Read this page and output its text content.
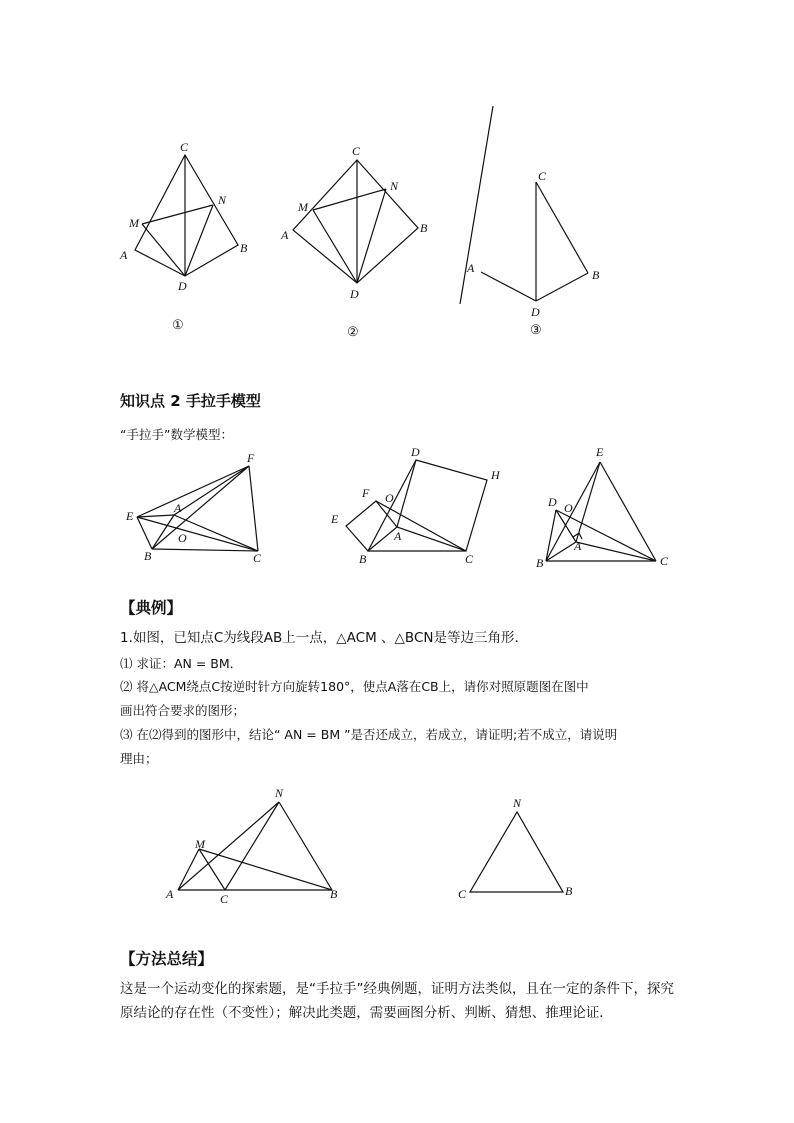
C
M
N
A	B
D
①
C
M
N
A	B
D
②
C
A	B
D
③
知识点 2 手拉手模型
“手拉手”数学模型：
F
E
A
O
B	C
D
H
F O
E
A
B	C
E
D O
A
B	C
【典例】
1.如图，已知点C为线段AB上一点，△ACM 、△BCN是等边三角形．
⑴ 求证：AN = BM．
⑵ 将△ACM绕点C按逆时针方向旋转180°，使点A落在CB上，请你对照原题图在图中
画出符合要求的图形；
⑶ 在⑵得到的图形中，结论“ AN = BM ”是否还成立，若成立，请证明;若不成立，请说明
理由；
N
M
A	C	B
N
C	B
【方法总结】
这是一个运动变化的探索题，是“手拉手”经典例题，证明方法类似，且在一定的条件下，探究原结论的存在性（不变性）；解决此类题，需要画图分析、判断、猜想、推理论证．
